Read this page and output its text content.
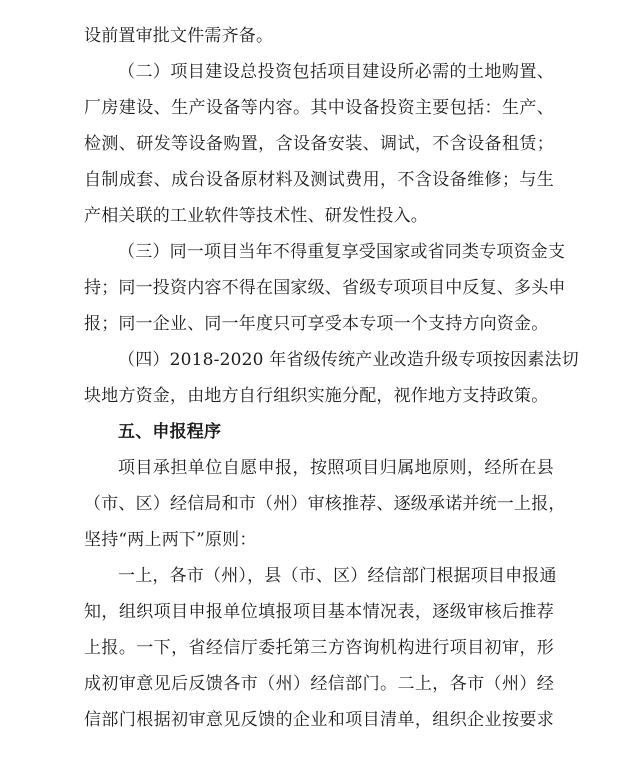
设前置审批文件需齐备。
（二）项目建设总投资包括项目建设所必需的土地购置、
厂房建设、生产设备等内容。其中设备投资主要包括：生产、
检测、研发等设备购置，含设备安装、调试，不含设备租赁；
自制成套、成台设备原材料及测试费用，不含设备维修；与生
产相关联的工业软件等技术性、研发性投入。
（三）同一项目当年不得重复享受国家或省同类专项资金支
持；同一投资内容不得在国家级、省级专项项目中反复、多头申
报；同一企业、同一年度只可享受本专项一个支持方向资金。
（四）2018-2020 年省级传统产业改造升级专项按因素法切
块地方资金，由地方自行组织实施分配，视作地方支持政策。
五、申报程序
项目承担单位自愿申报，按照项目归属地原则，经所在县
（市、区）经信局和市（州）审核推荐、逐级承诺并统一上报，
坚持“两上两下”原则：
一上，各市（州），县（市、区）经信部门根据项目申报通
知，组织项目申报单位填报项目基本情况表，逐级审核后推荐
上报。一下，省经信厅委托第三方咨询机构进行项目初审，形
成初审意见后反馈各市（州）经信部门。二上，各市（州）经
信部门根据初审意见反馈的企业和项目清单，组织企业按要求
